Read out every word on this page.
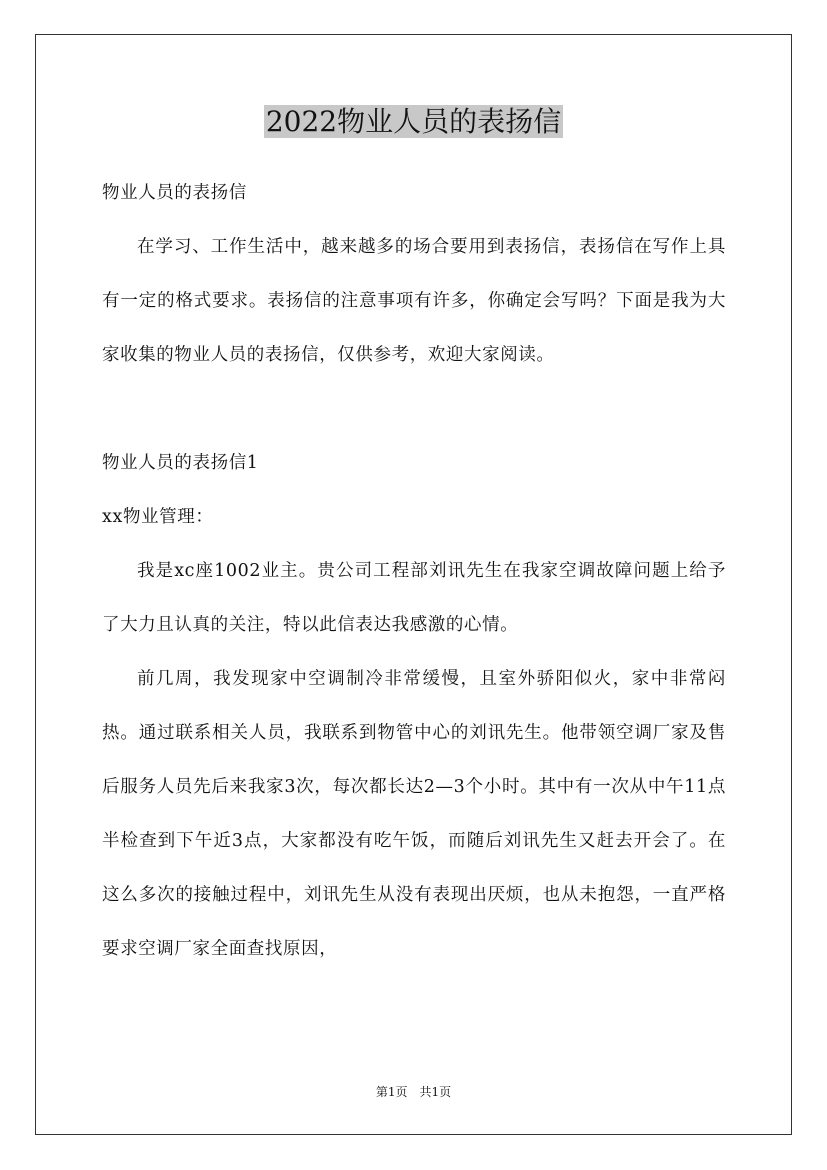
2022物业人员的表扬信

物业人员的表扬信

在学习、工作生活中，越来越多的场合要用到表扬信，表扬信在写作上具有一定的格式要求。表扬信的注意事项有许多，你确定会写吗？下面是我为大家收集的物业人员的表扬信，仅供参考，欢迎大家阅读。

物业人员的表扬信1

xx物业管理：

我是xc座1002业主。贵公司工程部刘讯先生在我家空调故障问题上给予了大力且认真的关注，特以此信表达我感激的心情。

前几周，我发现家中空调制冷非常缓慢，且室外骄阳似火，家中非常闷热。通过联系相关人员，我联系到物管中心的刘讯先生。他带领空调厂家及售后服务人员先后来我家3次，每次都长达2—3个小时。其中有一次从中午11点半检查到下午近3点，大家都没有吃午饭，而随后刘讯先生又赶去开会了。在这么多次的接触过程中，刘讯先生从没有表现出厌烦，也从未抱怨，一直严格要求空调厂家全面查找原因，

第1页　共1页
